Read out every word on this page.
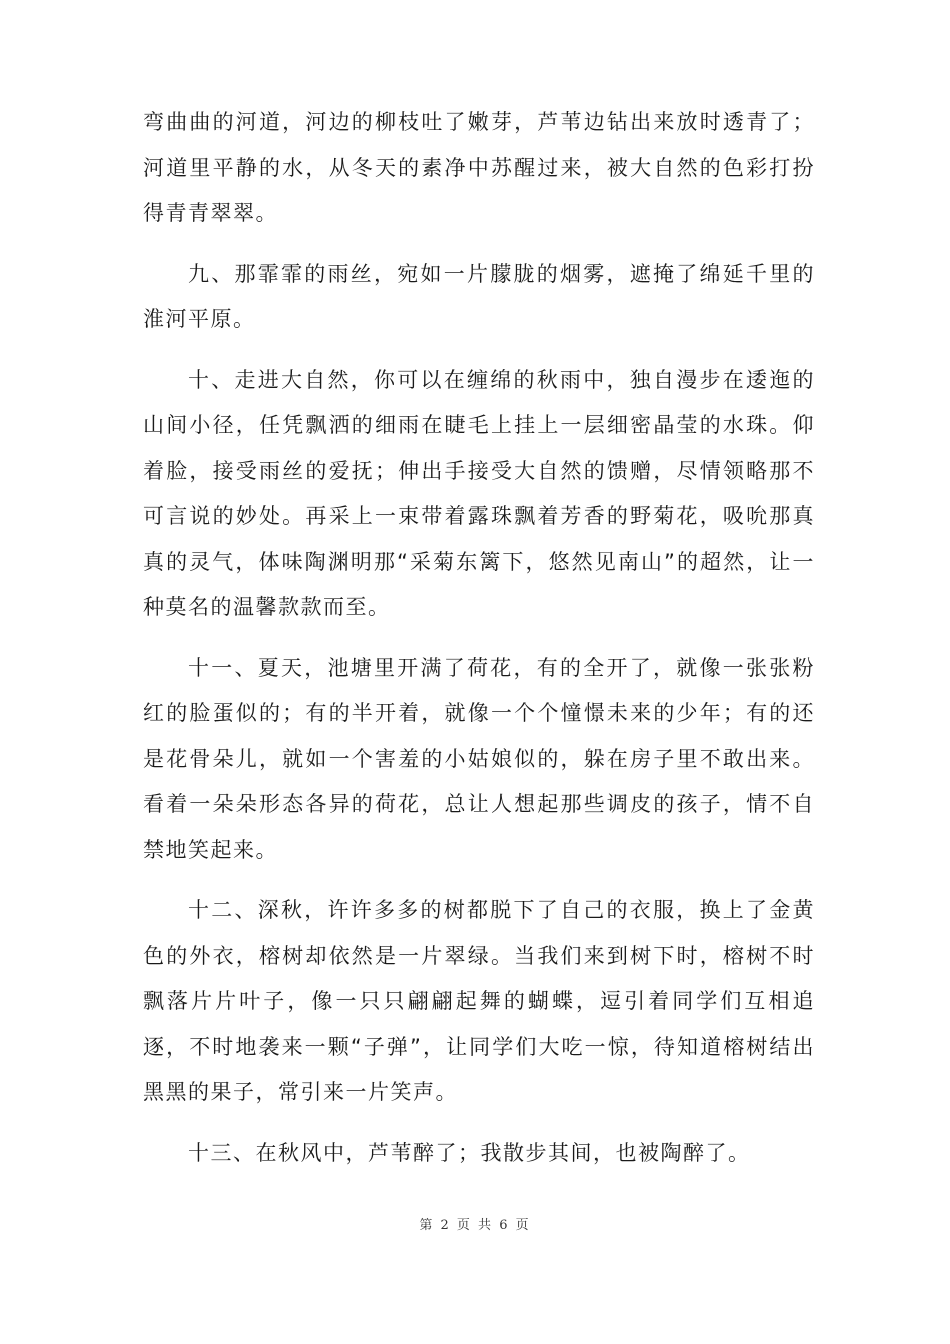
弯曲曲的河道，河边的柳枝吐了嫩芽，芦苇边钻出来放时透青了；河道里平静的水，从冬天的素净中苏醒过来，被大自然的色彩打扮得青青翠翠。

九、那霏霏的雨丝，宛如一片朦胧的烟雾，遮掩了绵延千里的淮河平原。

十、走进大自然，你可以在缠绵的秋雨中，独自漫步在逶迤的山间小径，任凭飘洒的细雨在睫毛上挂上一层细密晶莹的水珠。仰着脸，接受雨丝的爱抚；伸出手接受大自然的馈赠，尽情领略那不可言说的妙处。再采上一束带着露珠飘着芳香的野菊花，吸吮那真真的灵气，体味陶渊明那“采菊东篱下，悠然见南山”的超然，让一种莫名的温馨款款而至。

十一、夏天，池塘里开满了荷花，有的全开了，就像一张张粉红的脸蛋似的；有的半开着，就像一个个憧憬未来的少年；有的还是花骨朵儿，就如一个害羞的小姑娘似的，躲在房子里不敢出来。看着一朵朵形态各异的荷花，总让人想起那些调皮的孩子，情不自禁地笑起来。

十二、深秋，许许多多的树都脱下了自己的衣服，换上了金黄色的外衣，榕树却依然是一片翠绿。当我们来到树下时，榕树不时飘落片片叶子，像一只只翩翩起舞的蝴蝶，逗引着同学们互相追逐，不时地袭来一颗“子弹”，让同学们大吃一惊，待知道榕树结出黑黑的果子，常引来一片笑声。

十三、在秋风中，芦苇醉了；我散步其间，也被陶醉了。

第 2 页 共 6 页
